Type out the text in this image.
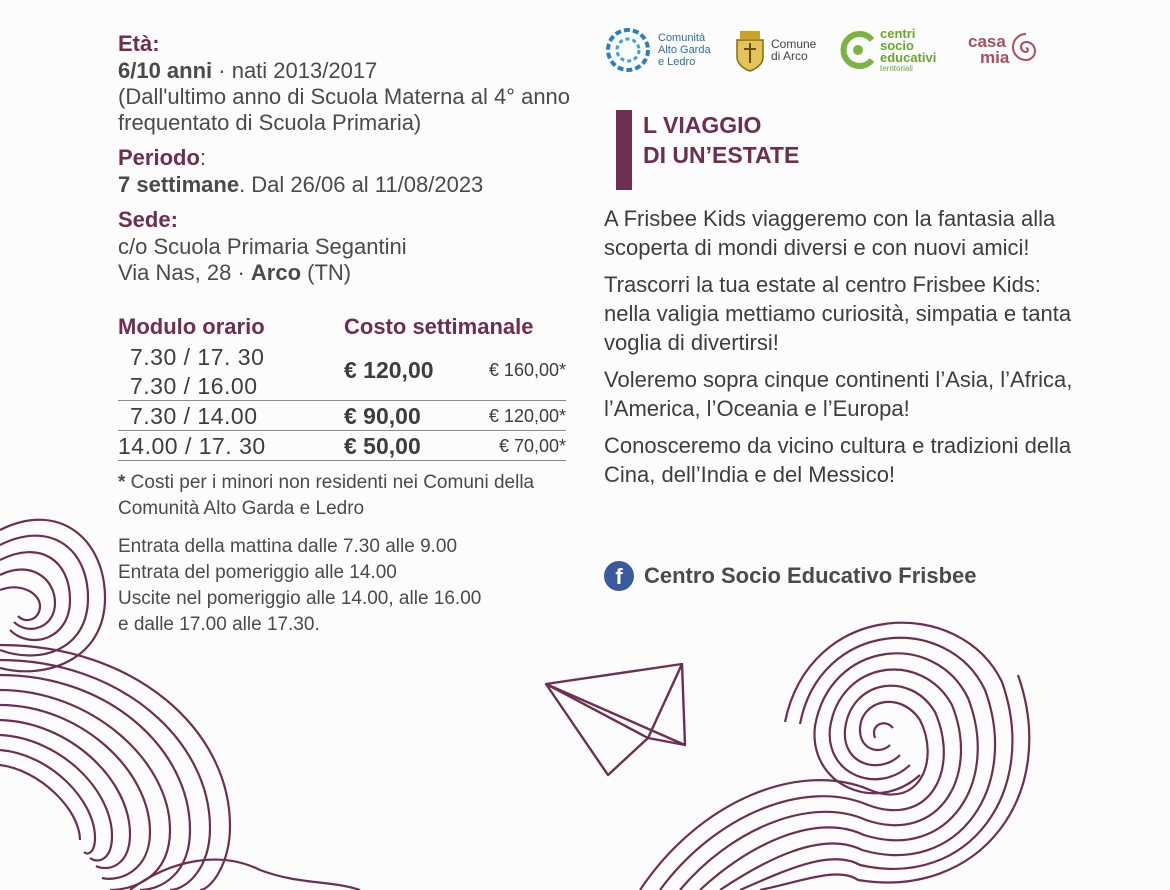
Comunità
Alto Garda
e Ledro
Comune
di Arco
centri
socio
educativi
territoriali
casa
mia
Età:
6/10 anni · nati 2013/2017
(Dall'ultimo anno di Scuola Materna al 4° anno frequentato di Scuola Primaria)
Periodo:
7 settimane. Dal 26/06 al 11/08/2023
Sede:
c/o Scuola Primaria Segantini
Via Nas, 28 · Arco (TN)
Modulo orario	Costo settimanale
7.30 / 17. 30
7.30 / 16.00
€ 120,00	€ 160,00*
7.30 / 14.00	€ 90,00	€ 120,00*
14.00 / 17. 30	€ 50,00	€ 70,00*
* Costi per i minori non residenti nei Comuni della Comunità Alto Garda e Ledro
Entrata della mattina dalle 7.30 alle 9.00
Entrata del pomeriggio alle 14.00
Uscite nel pomeriggio alle 14.00, alle 16.00
e dalle 17.00 alle 17.30.
L VIAGGIO
DI UN’ESTATE
A Frisbee Kids viaggeremo con la fantasia alla scoperta di mondi diversi e con nuovi amici!
Trascorri la tua estate al centro Frisbee Kids: nella valigia mettiamo curiosità, simpatia e tanta voglia di divertirsi!
Voleremo sopra cinque continenti l’Asia, l’Africa, l’America, l’Oceania e l’Europa!
Conosceremo da vicino cultura e tradizioni della Cina, dell’India e del Messico!
f Centro Socio Educativo Frisbee
